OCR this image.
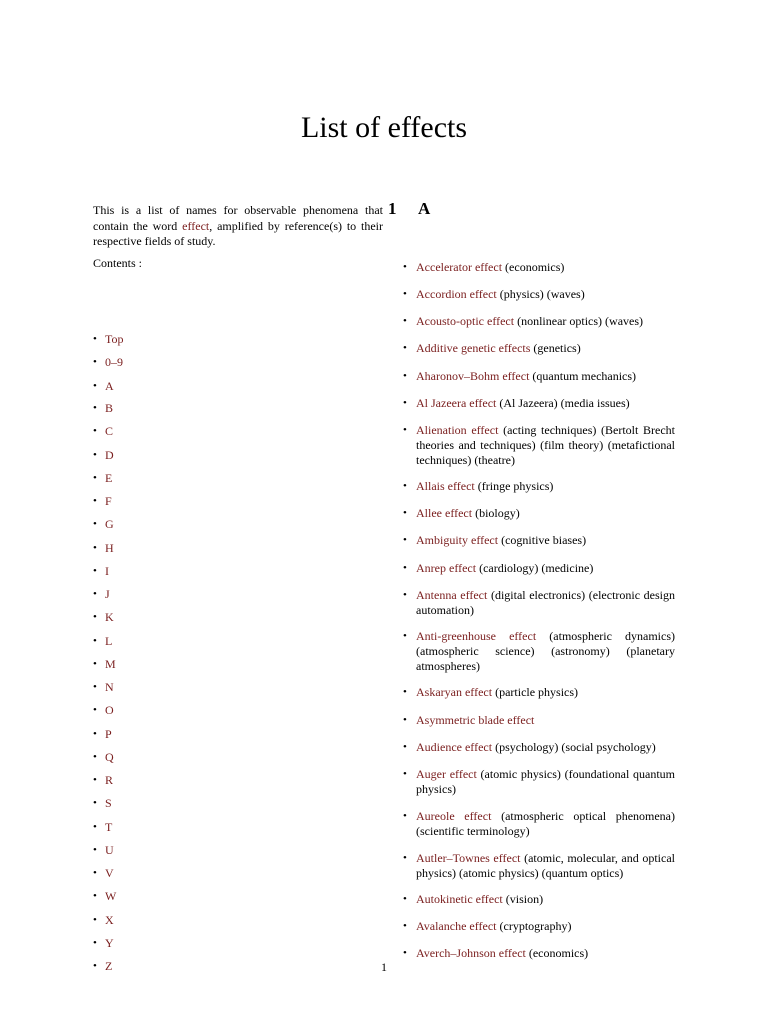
List of effects

This is a list of names for observable phenomena that contain the word effect, amplified by reference(s) to their respective fields of study.

Contents :
• Top
• 0–9
• A
• B
• C
• D
• E
• F
• G
• H
• I
• J
• K
• L
• M
• N
• O
• P
• Q
• R
• S
• T
• U
• V
• W
• X
• Y
• Z
1 A
• Accelerator effect (economics)
• Accordion effect (physics) (waves)
• Acousto-optic effect (nonlinear optics) (waves)
• Additive genetic effects (genetics)
• Aharonov–Bohm effect (quantum mechanics)
• Al Jazeera effect (Al Jazeera) (media issues)
• Alienation effect (acting techniques) (Bertolt Brecht theories and techniques) (film theory) (metafictional techniques) (theatre)
• Allais effect (fringe physics)
• Allee effect (biology)
• Ambiguity effect (cognitive biases)
• Anrep effect (cardiology) (medicine)
• Antenna effect (digital electronics) (electronic design automation)
• Anti-greenhouse effect (atmospheric dynamics) (atmospheric science) (astronomy) (planetary atmospheres)
• Askaryan effect (particle physics)
• Asymmetric blade effect
• Audience effect (psychology) (social psychology)
• Auger effect (atomic physics) (foundational quantum physics)
• Aureole effect (atmospheric optical phenomena) (scientific terminology)
• Autler–Townes effect (atomic, molecular, and optical physics) (atomic physics) (quantum optics)
• Autokinetic effect (vision)
• Avalanche effect (cryptography)
• Averch–Johnson effect (economics)
1
